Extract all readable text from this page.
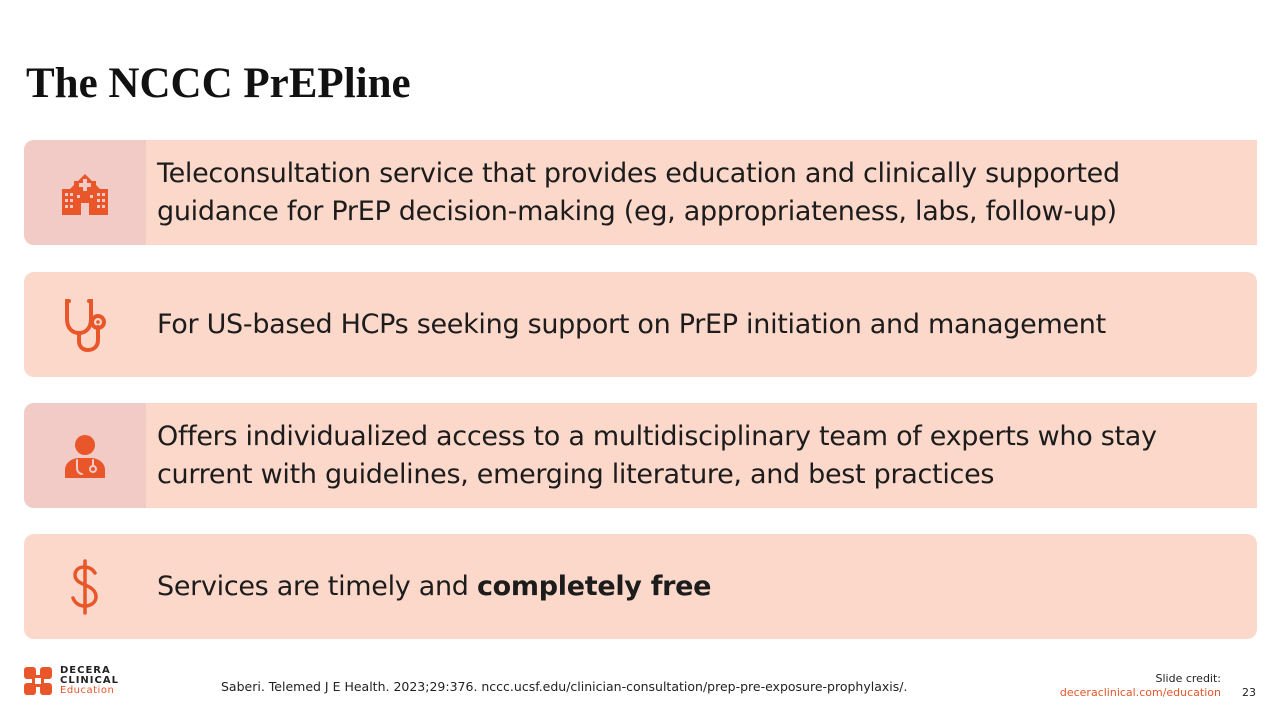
The NCCC PrEPline
Teleconsultation service that provides education and clinically supported guidance for PrEP decision-making (eg, appropriateness, labs, follow-up)
For US-based HCPs seeking support on PrEP initiation and management
Offers individualized access to a multidisciplinary team of experts who stay current with guidelines, emerging literature, and best practices
Services are timely and completely free
DECERA
CLINICAL
Education	Saberi. Telemed J E Health. 2023;29:376. nccc.ucsf.edu/clinician-consultation/prep-pre-exposure-prophylaxis/.
Slide credit:
deceraclinical.com/education 23
